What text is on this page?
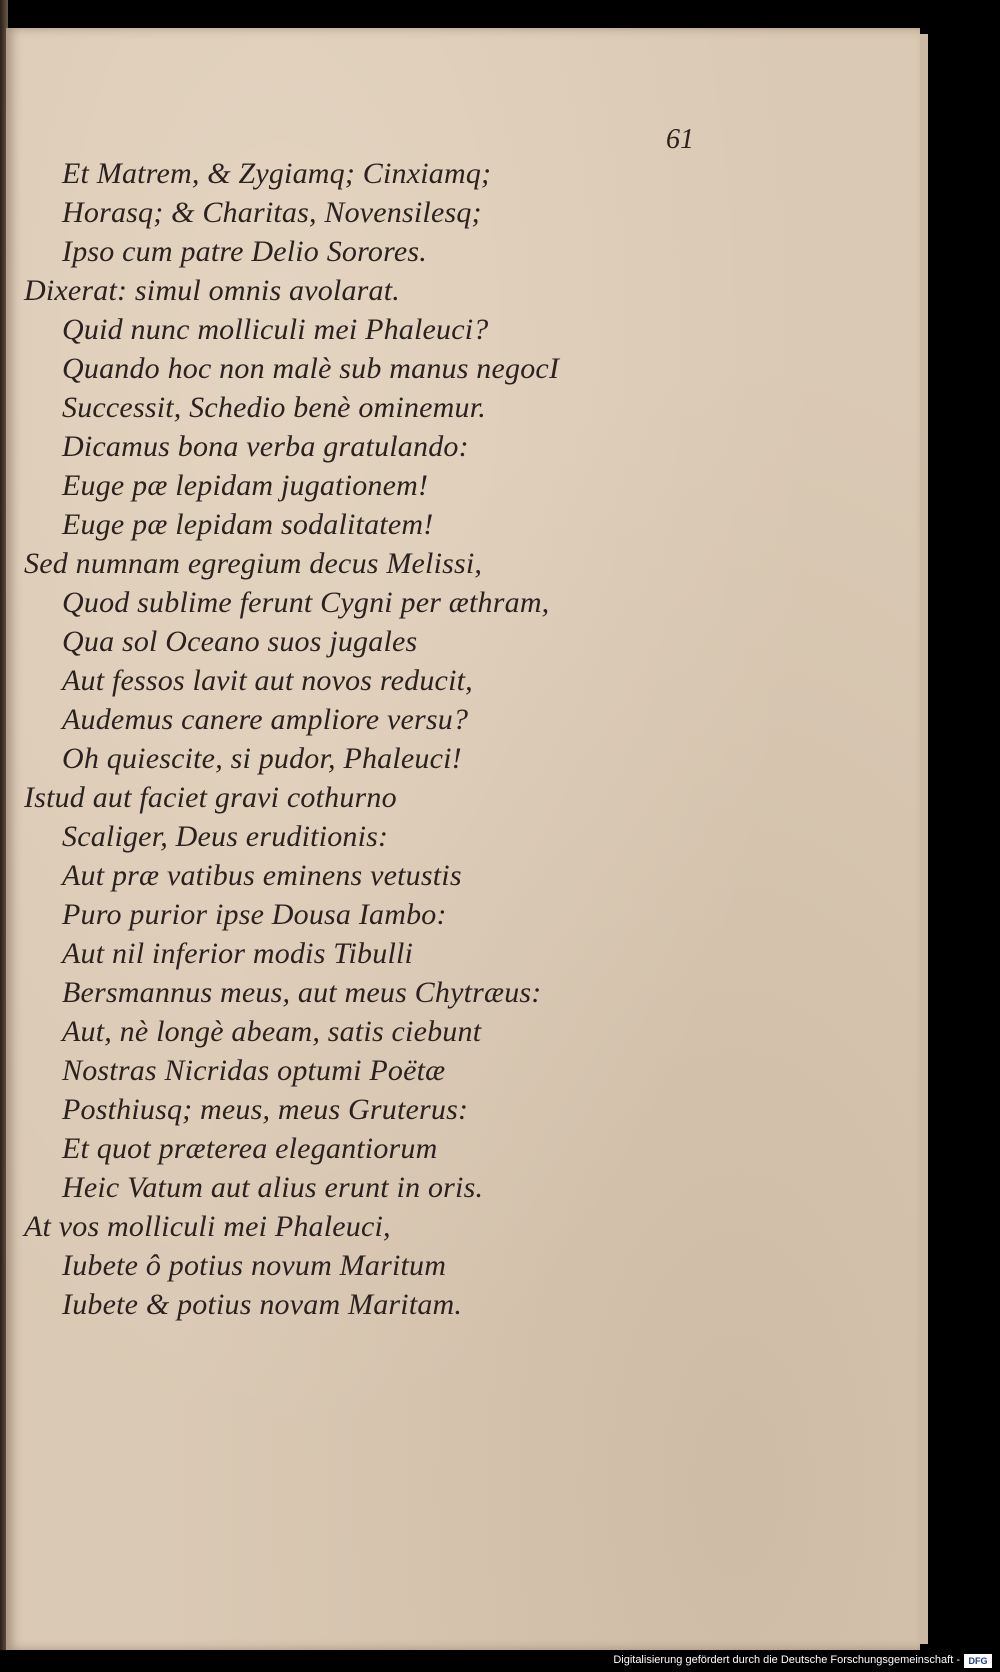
61
Et Matrem, & Zygiamq; Cinxiamq;
Horasq; & Charitas, Novensilesq;
Ipso cum patre Delio Sorores.
Dixerat: simul omnis avolarat.
Quid nunc molliculi mei Phaleuci?
Quando hoc non malè sub manus negocI
Successit, Schedio benè ominemur.
Dicamus bona verba gratulando:
Euge pæ lepidam jugationem!
Euge pæ lepidam sodalitatem!
Sed numnam egregium decus Melissi,
Quod sublime ferunt Cygni per æthram,
Qua sol Oceano suos jugales
Aut fessos lavit aut novos reducit,
Audemus canere ampliore versu?
Oh quiescite, si pudor, Phaleuci!
Istud aut faciet gravi cothurno
Scaliger, Deus eruditionis:
Aut præ vatibus eminens vetustis
Puro purior ipse Dousa Iambo:
Aut nil inferior modis Tibulli
Bersmannus meus, aut meus Chytræus:
Aut, nè longè abeam, satis ciebunt
Nostras Nicridas optumi Poëtæ
Posthiusq; meus, meus Gruterus:
Et quot præterea elegantiorum
Heic Vatum aut alius erunt in oris.
At vos molliculi mei Phaleuci,
Iubete ô potius novum Maritum
Iubete & potius novam Maritam.
Digitalisierung gefördert durch die Deutsche Forschungsgemeinschaft - DFG
